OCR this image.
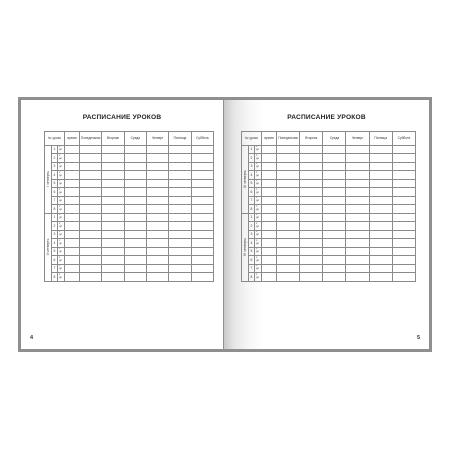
РАСПИСАНИЕ УРОКОВ
№ урока			время	Понедельник	Вторник	Среда	Четверг	Пятница	Суббота

I четверть	1	с
до							

	2	с
до							

	3	с
до							

	4	с
до							

	5	с
до							

	6	с
до							

	7	с
до							

	8	с
до							

II четверть	1	с
до							

	2	с
до							

	3	с
до							

	4	с
до							

	5	с
до							

	6	с
до							

	7	с
до							

	8	с
до							

4
РАСПИСАНИЕ УРОКОВ
№ урока			время	Понедельник	Вторник	Среда	Четверг	Пятница	Суббота

III четверть	1	с
до							

	2	с
до							

	3	с
до							

	4	с
до							

	5	с
до							

	6	с
до							

	7	с
до							

	8	с
до							

IV четверть	1	с
до							

	2	с
до							

	3	с
до							

	4	с
до							

	5	с
до							

	6	с
до							

	7	с
до							

	8	с
до							

5
